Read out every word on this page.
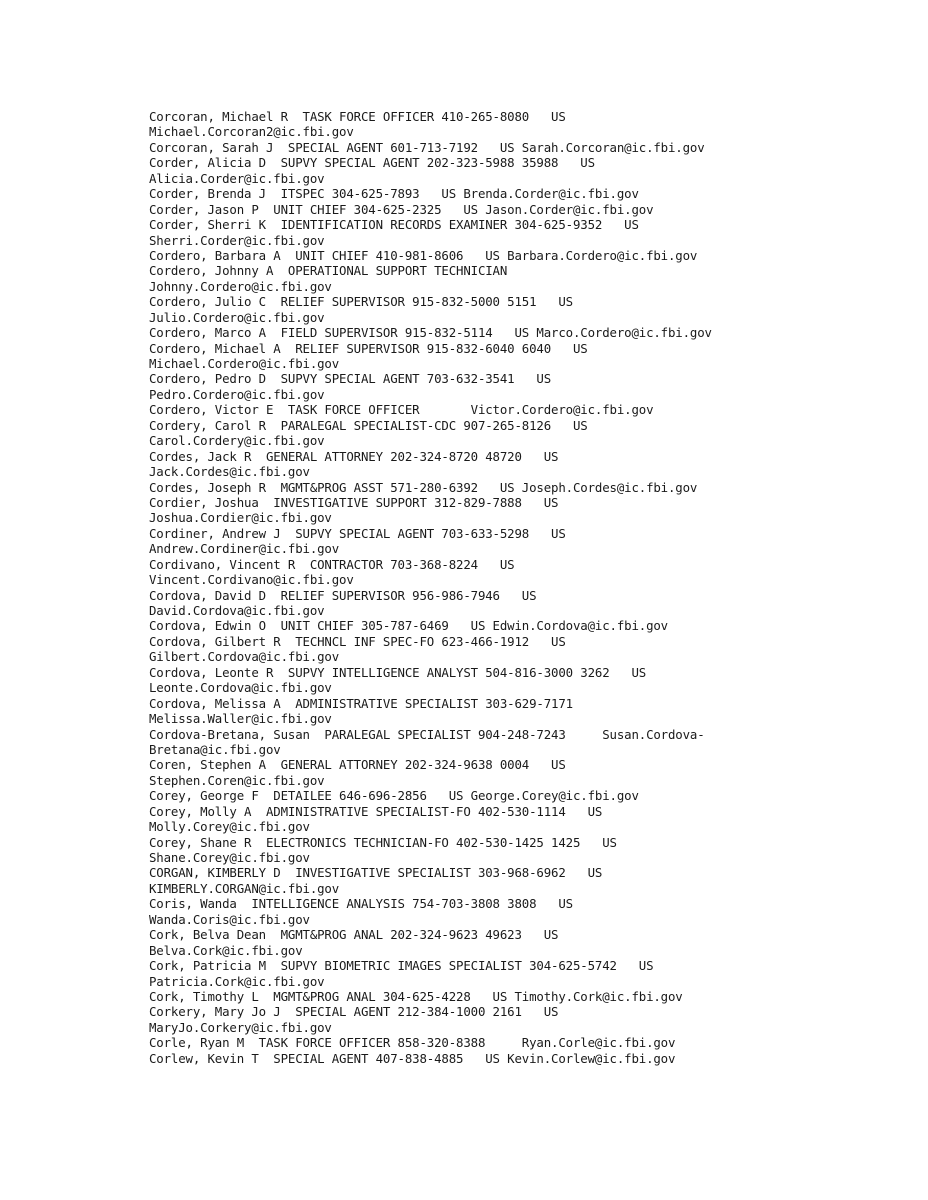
Corcoran, Michael R  TASK FORCE OFFICER 410-265-8080   US
Michael.Corcoran2@ic.fbi.gov
Corcoran, Sarah J  SPECIAL AGENT 601-713-7192   US Sarah.Corcoran@ic.fbi.gov
Corder, Alicia D  SUPVY SPECIAL AGENT 202-323-5988 35988   US
Alicia.Corder@ic.fbi.gov
Corder, Brenda J  ITSPEC 304-625-7893   US Brenda.Corder@ic.fbi.gov
Corder, Jason P  UNIT CHIEF 304-625-2325   US Jason.Corder@ic.fbi.gov
Corder, Sherri K  IDENTIFICATION RECORDS EXAMINER 304-625-9352   US
Sherri.Corder@ic.fbi.gov
Cordero, Barbara A  UNIT CHIEF 410-981-8606   US Barbara.Cordero@ic.fbi.gov
Cordero, Johnny A  OPERATIONAL SUPPORT TECHNICIAN
Johnny.Cordero@ic.fbi.gov
Cordero, Julio C  RELIEF SUPERVISOR 915-832-5000 5151   US
Julio.Cordero@ic.fbi.gov
Cordero, Marco A  FIELD SUPERVISOR 915-832-5114   US Marco.Cordero@ic.fbi.gov
Cordero, Michael A  RELIEF SUPERVISOR 915-832-6040 6040   US
Michael.Cordero@ic.fbi.gov
Cordero, Pedro D  SUPVY SPECIAL AGENT 703-632-3541   US
Pedro.Cordero@ic.fbi.gov
Cordero, Victor E  TASK FORCE OFFICER       Victor.Cordero@ic.fbi.gov
Cordery, Carol R  PARALEGAL SPECIALIST-CDC 907-265-8126   US
Carol.Cordery@ic.fbi.gov
Cordes, Jack R  GENERAL ATTORNEY 202-324-8720 48720   US
Jack.Cordes@ic.fbi.gov
Cordes, Joseph R  MGMT&PROG ASST 571-280-6392   US Joseph.Cordes@ic.fbi.gov
Cordier, Joshua  INVESTIGATIVE SUPPORT 312-829-7888   US
Joshua.Cordier@ic.fbi.gov
Cordiner, Andrew J  SUPVY SPECIAL AGENT 703-633-5298   US
Andrew.Cordiner@ic.fbi.gov
Cordivano, Vincent R  CONTRACTOR 703-368-8224   US
Vincent.Cordivano@ic.fbi.gov
Cordova, David D  RELIEF SUPERVISOR 956-986-7946   US
David.Cordova@ic.fbi.gov
Cordova, Edwin O  UNIT CHIEF 305-787-6469   US Edwin.Cordova@ic.fbi.gov
Cordova, Gilbert R  TECHNCL INF SPEC-FO 623-466-1912   US
Gilbert.Cordova@ic.fbi.gov
Cordova, Leonte R  SUPVY INTELLIGENCE ANALYST 504-816-3000 3262   US
Leonte.Cordova@ic.fbi.gov
Cordova, Melissa A  ADMINISTRATIVE SPECIALIST 303-629-7171
Melissa.Waller@ic.fbi.gov
Cordova-Bretana, Susan  PARALEGAL SPECIALIST 904-248-7243     Susan.Cordova-
Bretana@ic.fbi.gov
Coren, Stephen A  GENERAL ATTORNEY 202-324-9638 0004   US
Stephen.Coren@ic.fbi.gov
Corey, George F  DETAILEE 646-696-2856   US George.Corey@ic.fbi.gov
Corey, Molly A  ADMINISTRATIVE SPECIALIST-FO 402-530-1114   US
Molly.Corey@ic.fbi.gov
Corey, Shane R  ELECTRONICS TECHNICIAN-FO 402-530-1425 1425   US
Shane.Corey@ic.fbi.gov
CORGAN, KIMBERLY D  INVESTIGATIVE SPECIALIST 303-968-6962   US
KIMBERLY.CORGAN@ic.fbi.gov
Coris, Wanda  INTELLIGENCE ANALYSIS 754-703-3808 3808   US
Wanda.Coris@ic.fbi.gov
Cork, Belva Dean  MGMT&PROG ANAL 202-324-9623 49623   US
Belva.Cork@ic.fbi.gov
Cork, Patricia M  SUPVY BIOMETRIC IMAGES SPECIALIST 304-625-5742   US
Patricia.Cork@ic.fbi.gov
Cork, Timothy L  MGMT&PROG ANAL 304-625-4228   US Timothy.Cork@ic.fbi.gov
Corkery, Mary Jo J  SPECIAL AGENT 212-384-1000 2161   US
MaryJo.Corkery@ic.fbi.gov
Corle, Ryan M  TASK FORCE OFFICER 858-320-8388     Ryan.Corle@ic.fbi.gov
Corlew, Kevin T  SPECIAL AGENT 407-838-4885   US Kevin.Corlew@ic.fbi.gov
